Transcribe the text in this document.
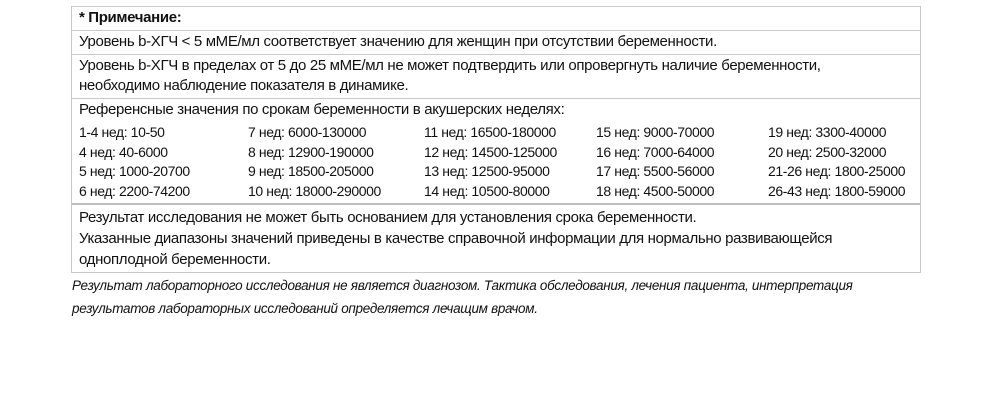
* Примечание:
Уровень b-ХГЧ < 5 мМЕ/мл соответствует значению для женщин при отсутствии беременности.
Уровень b-ХГЧ в пределах от 5 до 25 мМЕ/мл не может подтвердить или опровергнуть наличие беременности,
необходимо наблюдение показателя в динамике.
Референсные значения по срокам беременности в акушерских неделях:
1-4 нед: 10-50	7 нед: 6000-130000	11 нед: 16500-180000	15 нед: 9000-70000	19 нед: 3300-40000
4 нед: 40-6000	8 нед: 12900-190000	12 нед: 14500-125000	16 нед: 7000-64000	20 нед: 2500-32000
5 нед: 1000-20700	9 нед: 18500-205000	13 нед: 12500-95000	17 нед: 5500-56000	21-26 нед: 1800-25000
6 нед: 2200-74200	10 нед: 18000-290000	14 нед: 10500-80000	18 нед: 4500-50000	26-43 нед: 1800-59000
Результат исследования не может быть основанием для установления срока беременности.
Указанные диапазоны значений приведены в качестве справочной информации для нормально развивающейся
одноплодной беременности.
Результат лабораторного исследования не является диагнозом. Тактика обследования, лечения пациента, интерпретация
результатов лабораторных исследований определяется лечащим врачом.
